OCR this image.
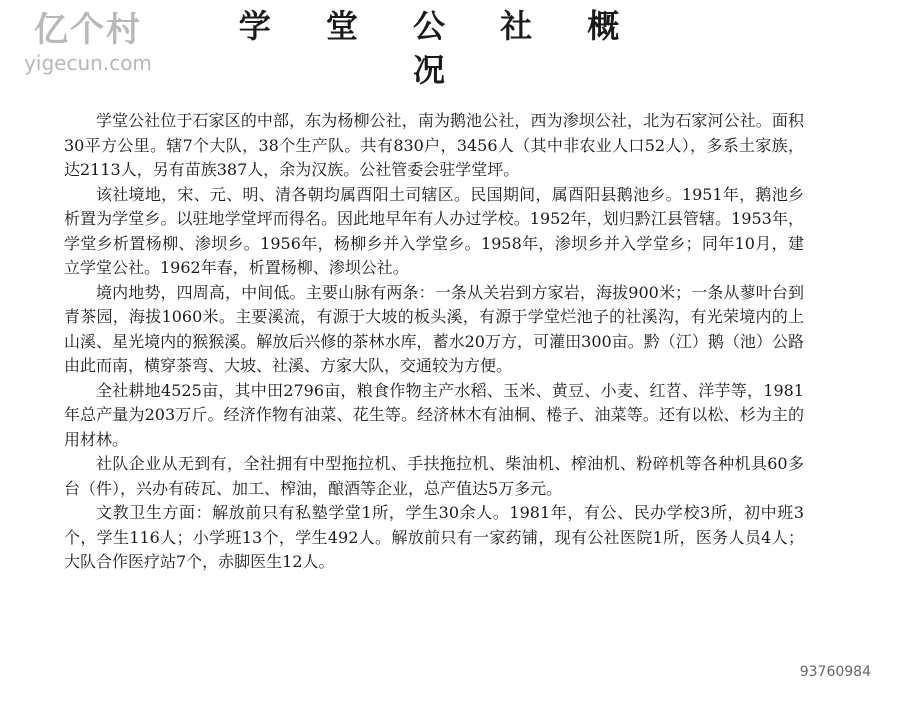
亿个村
yigecun.com
学 堂 公 社 概 况

学堂公社位于石家区的中部，东为杨柳公社，南为鹅池公社，西为渗坝公社，北为石家河公社。面积30平方公里。辖7个大队，38个生产队。共有830户，3456人（其中非农业人口52人），多系土家族，达2113人，另有苗族387人，余为汉族。公社管委会驻学堂坪。

该社境地，宋、元、明、清各朝均属酉阳土司辖区。民国期间，属酉阳县鹅池乡。1951年，鹅池乡析置为学堂乡。以驻地学堂坪而得名。因此地早年有人办过学校。1952年，划归黔江县管辖。1953年，学堂乡析置杨柳、渗坝乡。1956年，杨柳乡并入学堂乡。1958年，渗坝乡并入学堂乡；同年10月，建立学堂公社。1962年春，析置杨柳、渗坝公社。

境内地势，四周高，中间低。主要山脉有两条：一条从关岩到方家岩，海拔900米；一条从蓼叶台到青茶园，海拔1060米。主要溪流，有源于大坡的板头溪，有源于学堂烂池子的社溪沟，有光荣境内的上山溪、星光境内的猴猴溪。解放后兴修的茶林水库，蓄水20万方，可灌田300亩。黔（江）鹅（池）公路由此而南，横穿茶弯、大坡、社溪、方家大队，交通较为方便。

全社耕地4525亩，其中田2796亩，粮食作物主产水稻、玉米、黄豆、小麦、红苕、洋芋等，1981年总产量为203万斤。经济作物有油菜、花生等。经济林木有油桐、棬子、油菜等。还有以松、杉为主的用材林。

社队企业从无到有，全社拥有中型拖拉机、手扶拖拉机、柴油机、榨油机、粉碎机等各种机具60多台（件），兴办有砖瓦、加工、榨油，酿酒等企业，总产值达5万多元。

文教卫生方面：解放前只有私塾学堂1所，学生30余人。1981年，有公、民办学校3所，初中班3个，学生116人；小学班13个，学生492人。解放前只有一家药铺，现有公社医院1所，医务人员4人；大队合作医疗站7个，赤脚医生12人。

93760984
